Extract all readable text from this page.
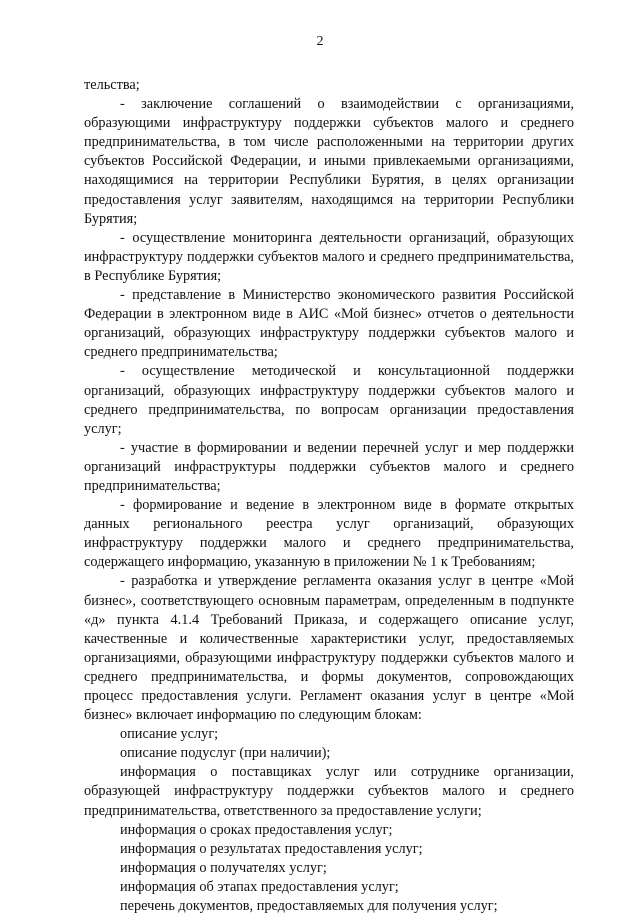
2

тельства;

- заключение соглашений о взаимодействии с организациями, образующими инфраструктуру поддержки субъектов малого и среднего предпринимательства, в том числе расположенными на территории других субъектов Российской Федерации, и иными привлекаемыми организациями, находящимися на территории Республики Бурятия, в целях организации предоставления услуг заявителям, находящимся на территории Республики Бурятия;

- осуществление мониторинга деятельности организаций, образующих инфраструктуру поддержки субъектов малого и среднего предпринимательства, в Республике Бурятия;

- представление в Министерство экономического развития Российской Федерации в электронном виде в АИС «Мой бизнес» отчетов о деятельности организаций, образующих инфраструктуру поддержки субъектов малого и среднего предпринимательства;

- осуществление методической и консультационной поддержки организаций, образующих инфраструктуру поддержки субъектов малого и среднего предпринимательства, по вопросам организации предоставления услуг;

- участие в формировании и ведении перечней услуг и мер поддержки организаций инфраструктуры поддержки субъектов малого и среднего предпринимательства;

- формирование и ведение в электронном виде в формате открытых данных регионального реестра услуг организаций, образующих инфраструктуру поддержки малого и среднего предпринимательства, содержащего информацию, указанную в приложении № 1 к Требованиям;

- разработка и утверждение регламента оказания услуг в центре «Мой бизнес», соответствующего основным параметрам, определенным в подпункте «д» пункта 4.1.4 Требований Приказа, и содержащего описание услуг, качественные и количественные характеристики услуг, предоставляемых организациями, образующими инфраструктуру поддержки субъектов малого и среднего предпринимательства, и формы документов, сопровождающих процесс предоставления услуги. Регламент оказания услуг в центре «Мой бизнес» включает информацию по следующим блокам:

описание услуг;

описание подуслуг (при наличии);

информация о поставщиках услуг или сотруднике организации, образующей инфраструктуру поддержки субъектов малого и среднего предпринимательства, ответственного за предоставление услуги;

информация о сроках предоставления услуг;

информация о результатах предоставления услуг;

информация о получателях услуг;

информация об этапах предоставления услуг;

перечень документов, предоставляемых для получения услуг;
